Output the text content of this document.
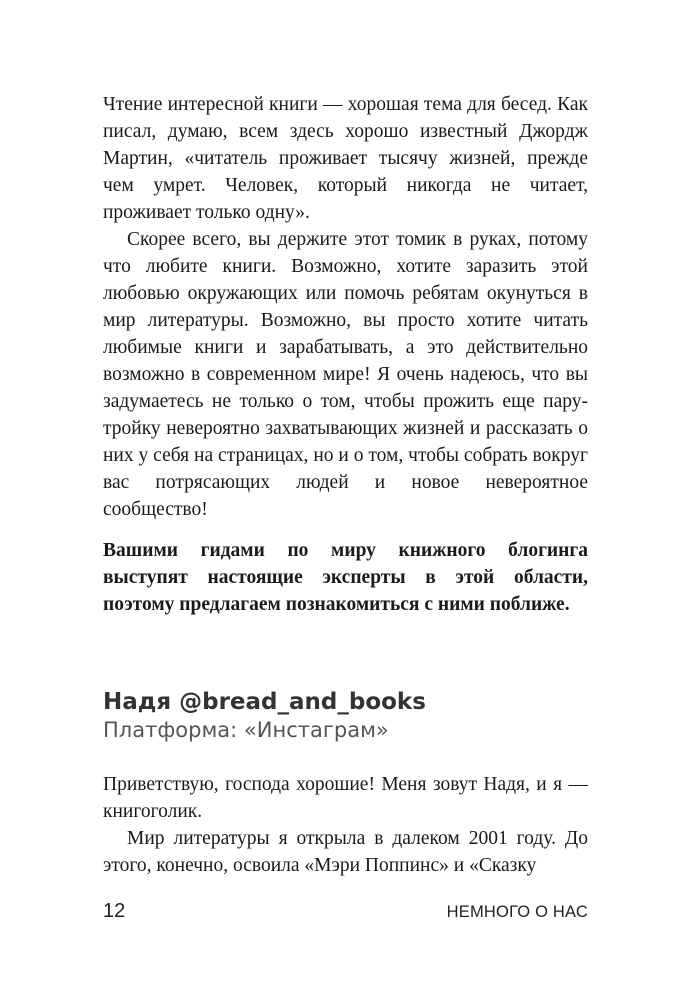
Чтение интересной книги — хорошая тема для бесед. Как писал, думаю, всем здесь хорошо известный Джордж Мартин, «читатель проживает тысячу жизней, прежде чем умрет. Человек, который никогда не читает, проживает только одну».

Скорее всего, вы держите этот томик в руках, потому что любите книги. Возможно, хотите заразить этой любовью окружающих или помочь ребятам окунуться в мир литературы. Возможно, вы просто хотите читать любимые книги и зарабатывать, а это действительно возможно в современном мире! Я очень надеюсь, что вы задумаетесь не только о том, чтобы прожить еще пару-тройку невероятно захватывающих жизней и рассказать о них у себя на страницах, но и о том, чтобы собрать вокруг вас потрясающих людей и новое невероятное сообщество!

Вашими гидами по миру книжного блогинга выступят настоящие эксперты в этой области, поэтому предлагаем познакомиться с ними поближе.

Надя @bread_and_books

Платформа: «Инстаграм»

Приветствую, господа хорошие! Меня зовут Надя, и я — книгоголик.

Мир литературы я открыла в далеком 2001 году. До этого, конечно, освоила «Мэри Поппинс» и «Сказку

12	НЕМНОГО О НАС
